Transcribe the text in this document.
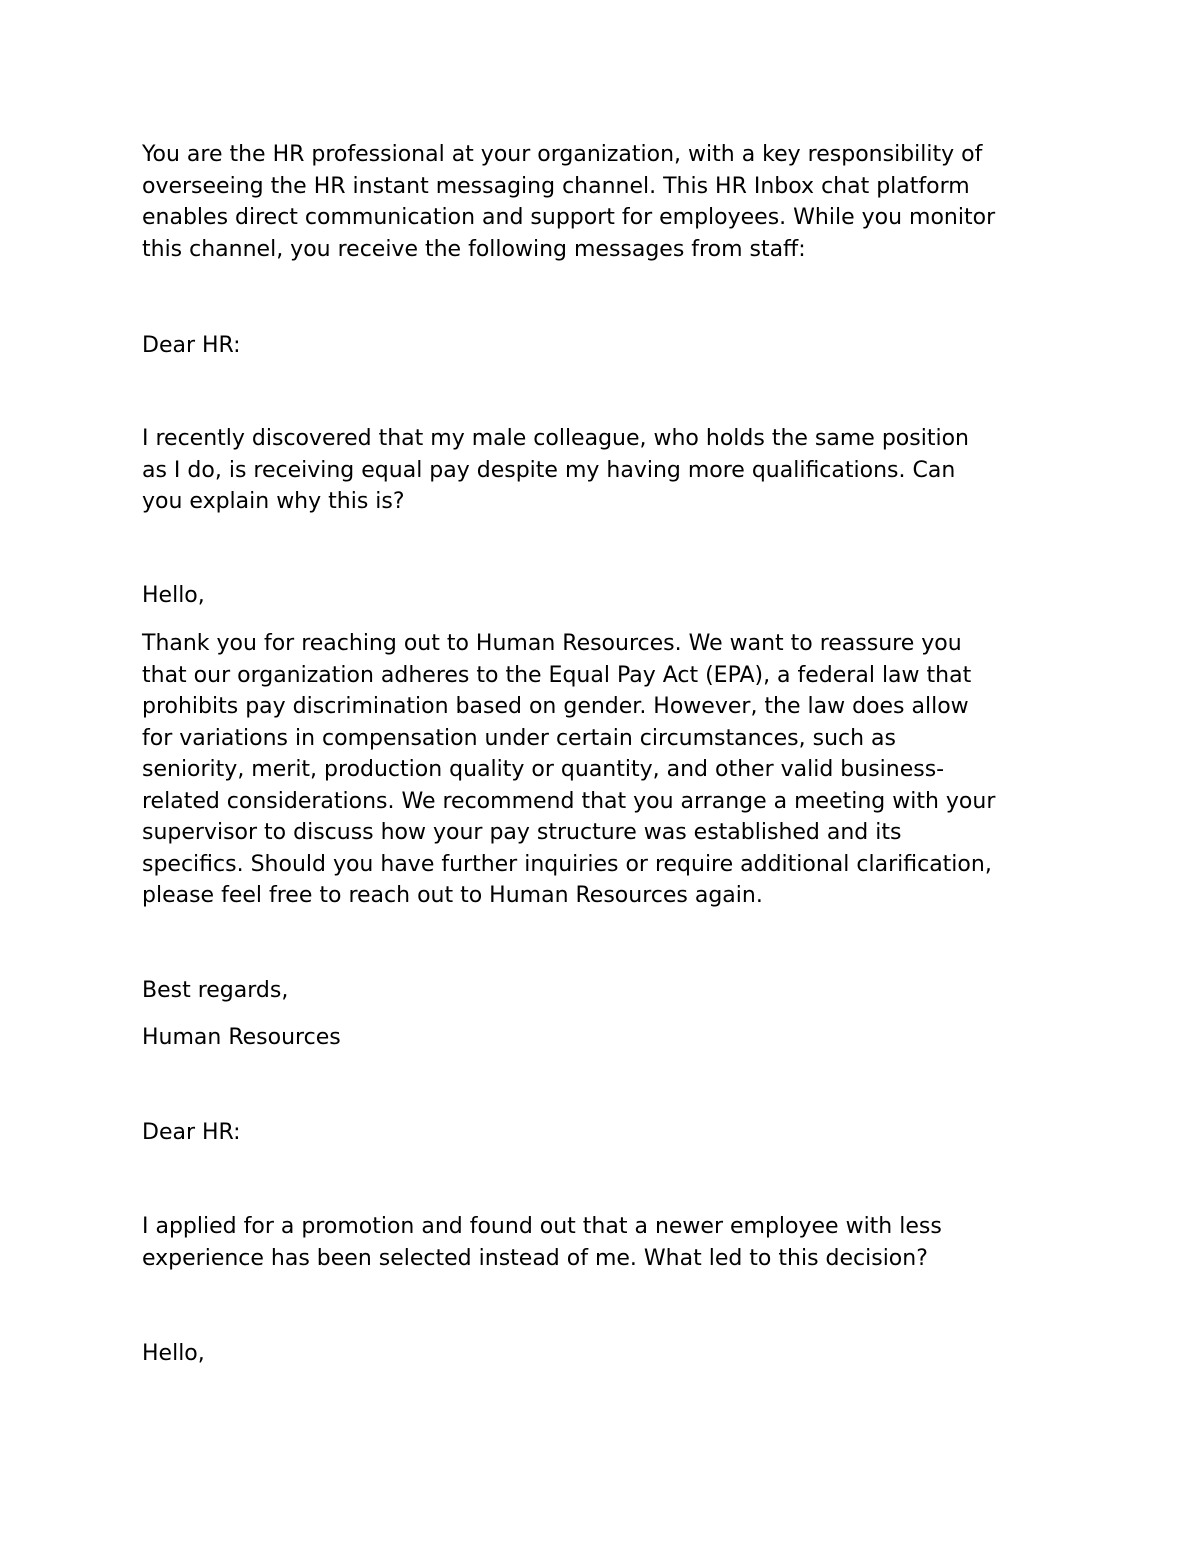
You are the HR professional at your organization, with a key responsibility of
overseeing the HR instant messaging channel. This HR Inbox chat platform
enables direct communication and support for employees. While you monitor
this channel, you receive the following messages from staff:

Dear HR:

I recently discovered that my male colleague, who holds the same position
as I do, is receiving equal pay despite my having more qualifications. Can
you explain why this is?

Hello,

Thank you for reaching out to Human Resources. We want to reassure you
that our organization adheres to the Equal Pay Act (EPA), a federal law that
prohibits pay discrimination based on gender. However, the law does allow
for variations in compensation under certain circumstances, such as
seniority, merit, production quality or quantity, and other valid business-
related considerations. We recommend that you arrange a meeting with your
supervisor to discuss how your pay structure was established and its
specifics. Should you have further inquiries or require additional clarification,
please feel free to reach out to Human Resources again.

Best regards,

Human Resources

Dear HR:

I applied for a promotion and found out that a newer employee with less
experience has been selected instead of me. What led to this decision?

Hello,
